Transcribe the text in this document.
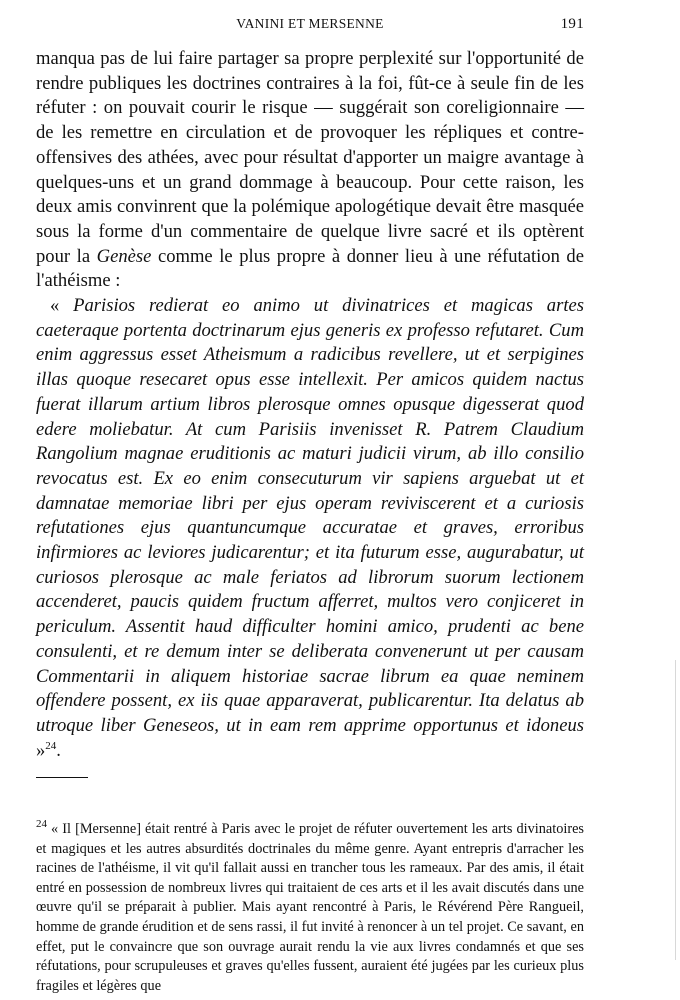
VANINI ET MERSENNE	191

manqua pas de lui faire partager sa propre perplexité sur l'opportunité de rendre publiques les doctrines contraires à la foi, fût-ce à seule fin de les réfuter : on pouvait courir le risque — suggérait son coreligionnaire — de les remettre en circulation et de provoquer les répliques et contre-offensives des athées, avec pour résultat d'apporter un maigre avantage à quelques-uns et un grand dommage à beaucoup. Pour cette raison, les deux amis convinrent que la polémique apologétique devait être masquée sous la forme d'un commentaire de quelque livre sacré et ils optèrent pour la Genèse comme le plus propre à donner lieu à une réfutation de l'athéisme :

« Parisios redierat eo animo ut divinatrices et magicas artes caeteraque portenta doctrinarum ejus generis ex professo refutaret. Cum enim aggressus esset Atheismum a radicibus revellere, ut et serpigines illas quoque resecaret opus esse intellexit. Per amicos quidem nactus fuerat illarum artium libros plerosque omnes opusque digesserat quod edere moliebatur. At cum Parisiis invenisset R. Patrem Claudium Rangolium magnae eruditionis ac maturi judicii virum, ab illo consilio revocatus est. Ex eo enim consecuturum vir sapiens arguebat ut et damnatae memoriae libri per ejus operam reviviscerent et a curiosis refutationes ejus quantuncumque accuratae et graves, erroribus infirmiores ac leviores judicarentur; et ita futurum esse, augurabatur, ut curiosos plerosque ac male feriatos ad librorum suorum lectionem accenderet, paucis quidem fructum afferret, multos vero conjiceret in periculum. Assentit haud difficulter homini amico, prudenti ac bene consulenti, et re demum inter se deliberata convenerunt ut per causam Commentarii in aliquem historiae sacrae librum ea quae neminem offendere possent, ex iis quae apparaverat, publicarentur. Ita delatus ab utroque liber Geneseos, ut in eam rem apprime opportunus et idoneus »$^{24}$.

$^{24}$ « Il [Mersenne] était rentré à Paris avec le projet de réfuter ouvertement les arts divinatoires et magiques et les autres absurdités doctrinales du même genre. Ayant entrepris d'arracher les racines de l'athéisme, il vit qu'il fallait aussi en trancher tous les rameaux. Par des amis, il était entré en possession de nombreux livres qui traitaient de ces arts et il les avait discutés dans une œuvre qu'il se préparait à publier. Mais ayant rencontré à Paris, le Révérend Père Rangueil, homme de grande érudition et de sens rassi, il fut invité à renoncer à un tel projet. Ce savant, en effet, put le convaincre que son ouvrage aurait rendu la vie aux livres condamnés et que ses réfutations, pour scrupuleuses et graves qu'elles fussent, auraient été jugées par les curieux plus fragiles et légères que
